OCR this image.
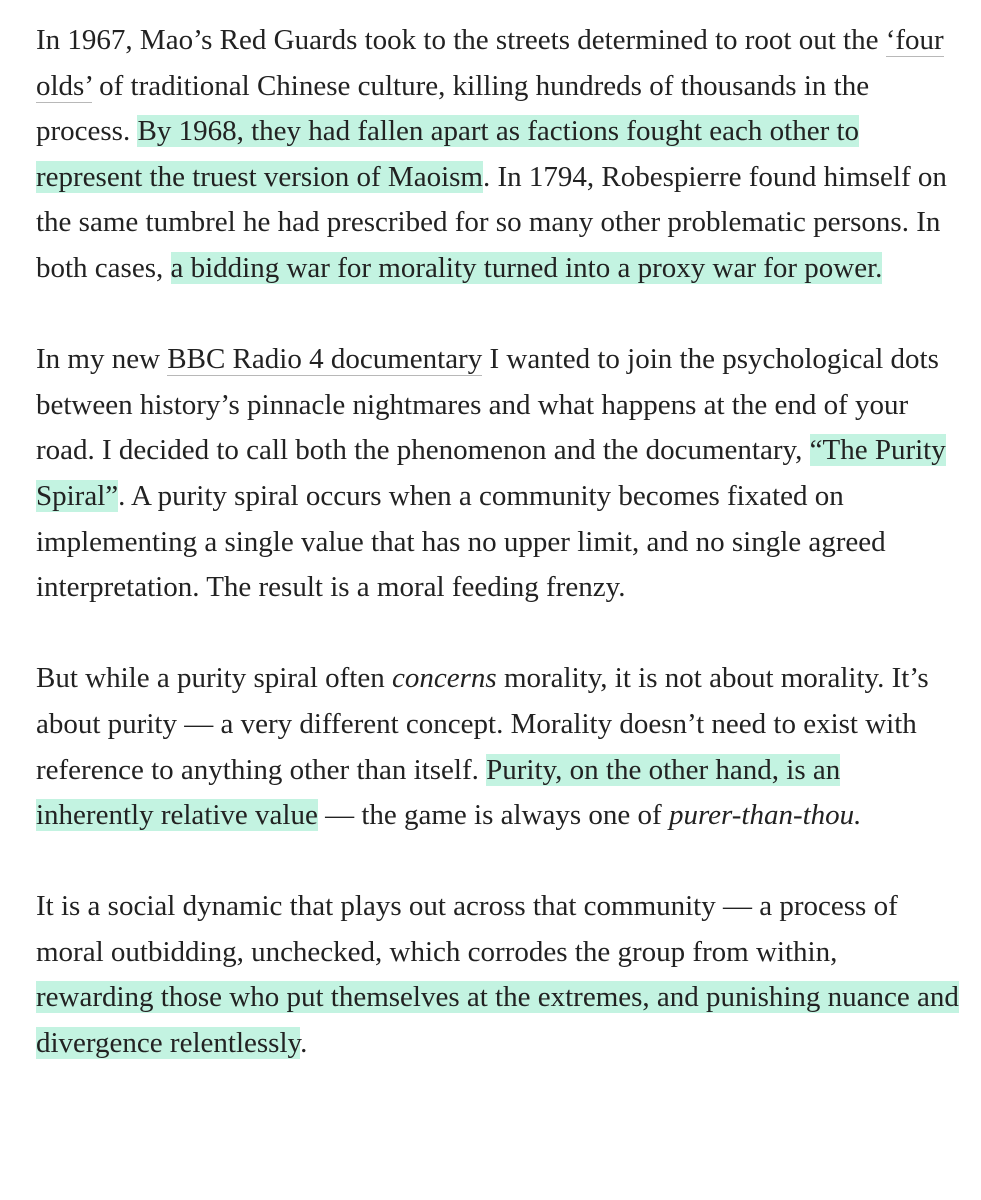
In 1967, Mao’s Red Guards took to the streets determined to root out the ‘four olds’ of traditional Chinese culture, killing hundreds of thousands in the process. By 1968, they had fallen apart as factions fought each other to represent the truest version of Maoism. In 1794, Robespierre found himself on the same tumbrel he had prescribed for so many other problematic persons. In both cases, a bidding war for morality turned into a proxy war for power.

In my new BBC Radio 4 documentary I wanted to join the psychological dots between history’s pinnacle nightmares and what happens at the end of your road. I decided to call both the phenomenon and the documentary, “The Purity Spiral”. A purity spiral occurs when a community becomes fixated on implementing a single value that has no upper limit, and no single agreed interpretation. The result is a moral feeding frenzy.

But while a purity spiral often concerns morality, it is not about morality. It’s about purity — a very different concept. Morality doesn’t need to exist with reference to anything other than itself. Purity, on the other hand, is an inherently relative value — the game is always one of purer-than-thou.

It is a social dynamic that plays out across that community — a process of moral outbidding, unchecked, which corrodes the group from within, rewarding those who put themselves at the extremes, and punishing nuance and divergence relentlessly.
